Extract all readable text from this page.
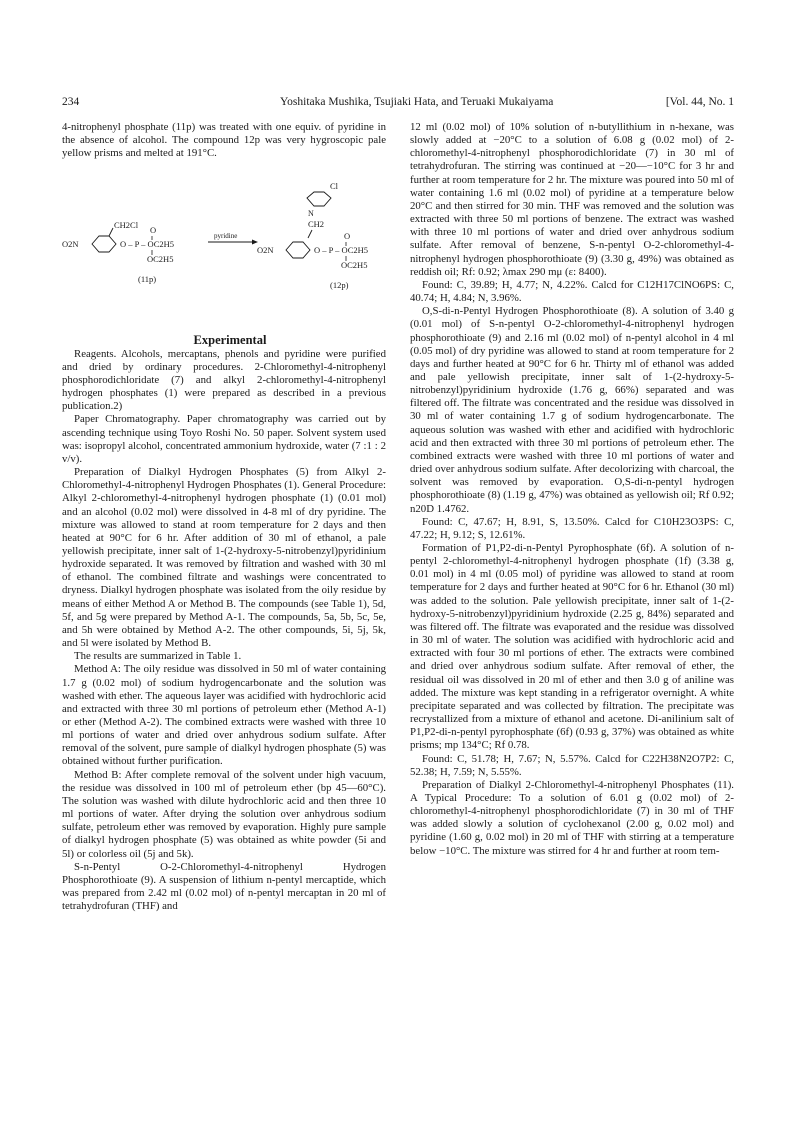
234	Yoshitaka Mushika, Tsujiaki Hata, and Teruaki Mukaiyama	[Vol. 44, No. 1

4-nitrophenyl phosphate (11p) was treated with one equiv. of pyridine in the absence of alcohol. The compound 12p was very hygroscopic pale yellow prisms and melted at 191°C.

CH2Cl
O2N	O – P – OC2H5
O
OC2H5
(11p)
pyridine
Cl
N
CH2
O2N	O – P – OC2H5
O
OC2H5
(12p)

Experimental

Reagents. Alcohols, mercaptans, phenols and pyridine were purified and dried by ordinary procedures. 2-Chloromethyl-4-nitrophenyl phosphorodichloridate (7) and alkyl 2-chloromethyl-4-nitrophenyl hydrogen phosphates (1) were prepared as described in a previous publication.2)

Paper Chromatography. Paper chromatography was carried out by ascending technique using Toyo Roshi No. 50 paper. Solvent system used was: isopropyl alcohol, concentrated ammonium hydroxide, water (7 :1 : 2 v/v).

Preparation of Dialkyl Hydrogen Phosphates (5) from Alkyl 2-Chloromethyl-4-nitrophenyl Hydrogen Phosphates (1). General Procedure: Alkyl 2-chloromethyl-4-nitrophenyl hydrogen phosphate (1) (0.01 mol) and an alcohol (0.02 mol) were dissolved in 4-8 ml of dry pyridine. The mixture was allowed to stand at room temperature for 2 days and then heated at 90°C for 6 hr. After addition of 30 ml of ethanol, a pale yellowish precipitate, inner salt of 1-(2-hydroxy-5-nitrobenzyl)pyridinium hydroxide separated. It was removed by filtration and washed with 30 ml of ethanol. The combined filtrate and washings were concentrated to dryness. Dialkyl hydrogen phosphate was isolated from the oily residue by means of either Method A or Method B. The compounds (see Table 1), 5d, 5f, and 5g were prepared by Method A-1. The compounds, 5a, 5b, 5c, 5e, and 5h were obtained by Method A-2. The other compounds, 5i, 5j, 5k, and 5l were isolated by Method B.

The results are summarized in Table 1.

Method A: The oily residue was dissolved in 50 ml of water containing 1.7 g (0.02 mol) of sodium hydrogencarbonate and the solution was washed with ether. The aqueous layer was acidified with hydrochloric acid and extracted with three 30 ml portions of petroleum ether (Method A-1) or ether (Method A-2). The combined extracts were washed with three 10 ml portions of water and dried over anhydrous sodium sulfate. After removal of the solvent, pure sample of dialkyl hydrogen phosphate (5) was obtained without further purification.

Method B: After complete removal of the solvent under high vacuum, the residue was dissolved in 100 ml of petroleum ether (bp 45—60°C). The solution was washed with dilute hydrochloric acid and then three 10 ml portions of water. After drying the solution over anhydrous sodium sulfate, petroleum ether was removed by evaporation. Highly pure sample of dialkyl hydrogen phosphate (5) was obtained as white powder (5i and 5l) or colorless oil (5j and 5k).

S-n-Pentyl O-2-Chloromethyl-4-nitrophenyl Hydrogen Phosphorothioate (9). A suspension of lithium n-pentyl mercaptide, which was prepared from 2.42 ml (0.02 mol) of n-pentyl mercaptan in 20 ml of tetrahydrofuran (THF) and

12 ml (0.02 mol) of 10% solution of n-butyllithium in n-hexane, was slowly added at −20°C to a solution of 6.08 g (0.02 mol) of 2-chloromethyl-4-nitrophenyl phosphorodichloridate (7) in 30 ml of tetrahydrofuran. The stirring was continued at −20—−10°C for 3 hr and further at room temperature for 2 hr. The mixture was poured into 50 ml of water containing 1.6 ml (0.02 mol) of pyridine at a temperature below 20°C and then stirred for 30 min. THF was removed and the solution was extracted with three 50 ml portions of benzene. The extract was washed with three 10 ml portions of water and dried over anhydrous sodium sulfate. After removal of benzene, S-n-pentyl O-2-chloromethyl-4-nitrophenyl hydrogen phosphorothioate (9) (3.30 g, 49%) was obtained as reddish oil; Rf: 0.92; λmax 290 mμ (ε: 8400).

Found: C, 39.89; H, 4.77; N, 4.22%. Calcd for C12H17ClNO6PS: C, 40.74; H, 4.84; N, 3.96%.

O,S-di-n-Pentyl Hydrogen Phosphorothioate (8). A solution of 3.40 g (0.01 mol) of S-n-pentyl O-2-chloromethyl-4-nitrophenyl hydrogen phosphorothioate (9) and 2.16 ml (0.02 mol) of n-pentyl alcohol in 4 ml (0.05 mol) of dry pyridine was allowed to stand at room temperature for 2 days and further heated at 90°C for 6 hr. Thirty ml of ethanol was added and pale yellowish precipitate, inner salt of 1-(2-hydroxy-5-nitrobenzyl)pyridinium hydroxide (1.76 g, 66%) separated and was filtered off. The filtrate was concentrated and the residue was dissolved in 30 ml of water containing 1.7 g of sodium hydrogencarbonate. The aqueous solution was washed with ether and acidified with hydrochloric acid and then extracted with three 30 ml portions of petroleum ether. The combined extracts were washed with three 10 ml portions of water and dried over anhydrous sodium sulfate. After decolorizing with charcoal, the solvent was removed by evaporation. O,S-di-n-pentyl hydrogen phosphorothioate (8) (1.19 g, 47%) was obtained as yellowish oil; Rf 0.92; n20D 1.4762.

Found: C, 47.67; H, 8.91, S, 13.50%. Calcd for C10H23O3PS: C, 47.22; H, 9.12; S, 12.61%.

Formation of P1,P2-di-n-Pentyl Pyrophosphate (6f). A solution of n-pentyl 2-chloromethyl-4-nitrophenyl hydrogen phosphate (1f) (3.38 g, 0.01 mol) in 4 ml (0.05 mol) of pyridine was allowed to stand at room temperature for 2 days and further heated at 90°C for 6 hr. Ethanol (30 ml) was added to the solution. Pale yellowish precipitate, inner salt of 1-(2-hydroxy-5-nitrobenzyl)pyridinium hydroxide (2.25 g, 84%) separated and was filtered off. The filtrate was evaporated and the residue was dissolved in 30 ml of water. The solution was acidified with hydrochloric acid and extracted with four 30 ml portions of ether. The extracts were combined and dried over anhydrous sodium sulfate. After removal of ether, the residual oil was dissolved in 20 ml of ether and then 3.0 g of aniline was added. The mixture was kept standing in a refrigerator overnight. A white precipitate separated and was collected by filtration. The precipitate was recrystallized from a mixture of ethanol and acetone. Di-anilinium salt of P1,P2-di-n-pentyl pyrophosphate (6f) (0.93 g, 37%) was obtained as white prisms; mp 134°C; Rf 0.78.

Found: C, 51.78; H, 7.67; N, 5.57%. Calcd for C22H38N2O7P2: C, 52.38; H, 7.59; N, 5.55%.

Preparation of Dialkyl 2-Chloromethyl-4-nitrophenyl Phosphates (11). A Typical Procedure: To a solution of 6.01 g (0.02 mol) of 2-chloromethyl-4-nitrophenyl phosphorodichloridate (7) in 30 ml of THF was added slowly a solution of cyclohexanol (2.00 g, 0.02 mol) and pyridine (1.60 g, 0.02 mol) in 20 ml of THF with stirring at a temperature below −10°C. The mixture was stirred for 4 hr and further at room tem-
